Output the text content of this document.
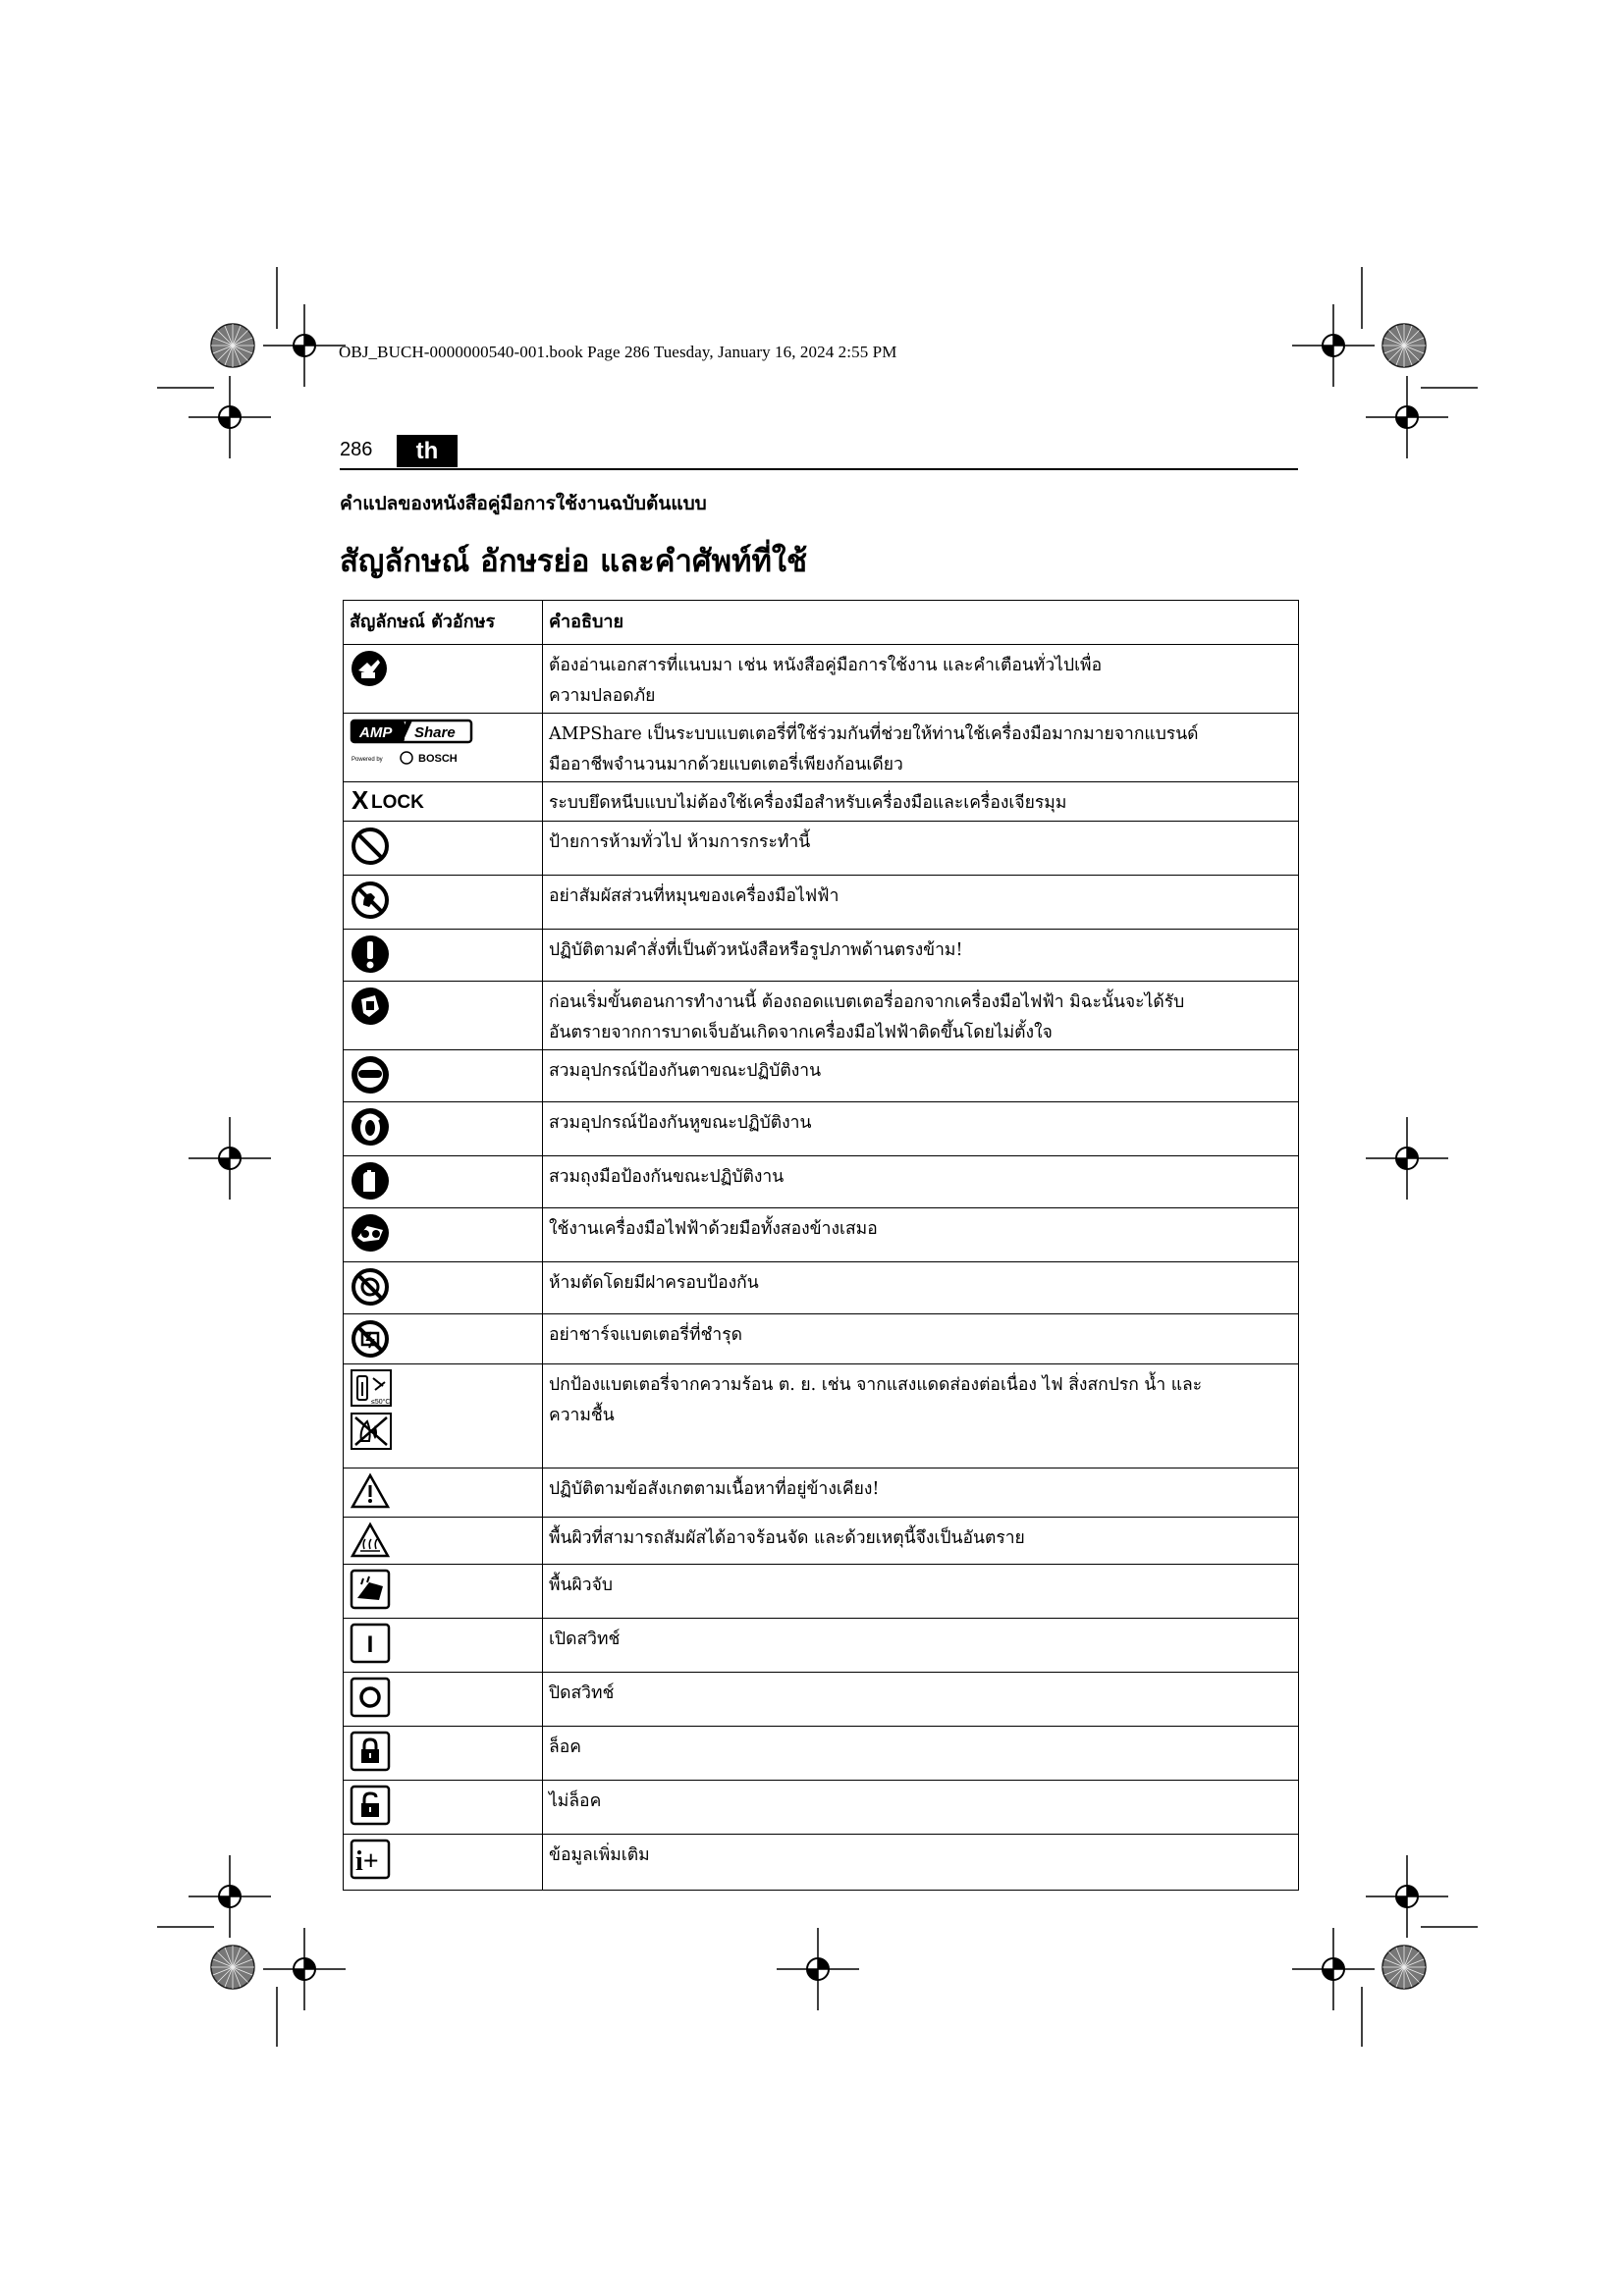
OBJ_BUCH-0000000540-001.book Page 286 Tuesday, January 16, 2024 2:55 PM
286	th
คำแปลของหนังสือคู่มือการใช้งานฉบับต้นแบบ
สัญลักษณ์ อักษรย่อ และคำศัพท์ที่ใช้
สัญลักษณ์ ตัวอักษร	คำอธิบาย

	ต้องอ่านเอกสารที่แนบมา เช่น หนังสือคู่มือการใช้งาน และคำเตือนทั่วไปเพื่อ
ความปลอดภัย

AMP Share
Powered by BOSCH	AMPShare เป็นระบบแบตเตอรี่ที่ใช้ร่วมกันที่ช่วยให้ท่านใช้เครื่องมือมากมายจากแบรนด์
มืออาชีพจำนวนมากด้วยแบตเตอรี่เพียงก้อนเดียว

X LOCK	ระบบยึดหนีบแบบไม่ต้องใช้เครื่องมือสำหรับเครื่องมือและเครื่องเจียรมุม

	ป้ายการห้ามทั่วไป ห้ามการกระทำนี้

	อย่าสัมผัสส่วนที่หมุนของเครื่องมือไฟฟ้า

	ปฏิบัติตามคำสั่งที่เป็นตัวหนังสือหรือรูปภาพด้านตรงข้าม!

	ก่อนเริ่มขั้นตอนการทำงานนี้ ต้องถอดแบตเตอรี่ออกจากเครื่องมือไฟฟ้า มิฉะนั้นจะได้รับ
อันตรายจากการบาดเจ็บอันเกิดจากเครื่องมือไฟฟ้าติดขึ้นโดยไม่ตั้งใจ

	สวมอุปกรณ์ป้องกันตาขณะปฏิบัติงาน

	สวมอุปกรณ์ป้องกันหูขณะปฏิบัติงาน

	สวมถุงมือป้องกันขณะปฏิบัติงาน

	ใช้งานเครื่องมือไฟฟ้าด้วยมือทั้งสองข้างเสมอ

	ห้ามตัดโดยมีฝาครอบป้องกัน

	อย่าชาร์จแบตเตอรี่ที่ชำรุด

≤50°C	ปกป้องแบตเตอรี่จากความร้อน ต. ย. เช่น จากแสงแดดส่องต่อเนื่อง ไฟ สิ่งสกปรก น้ำ และ
ความชื้น

	ปฏิบัติตามข้อสังเกตตามเนื้อหาที่อยู่ข้างเคียง!

	พื้นผิวที่สามารถสัมผัสได้อาจร้อนจัด และด้วยเหตุนี้จึงเป็นอันตราย

	พื้นผิวจับ

I	เปิดสวิทช์

	ปิดสวิทช์

	ล็อค

	ไม่ล็อค

i+	ข้อมูลเพิ่มเติม
